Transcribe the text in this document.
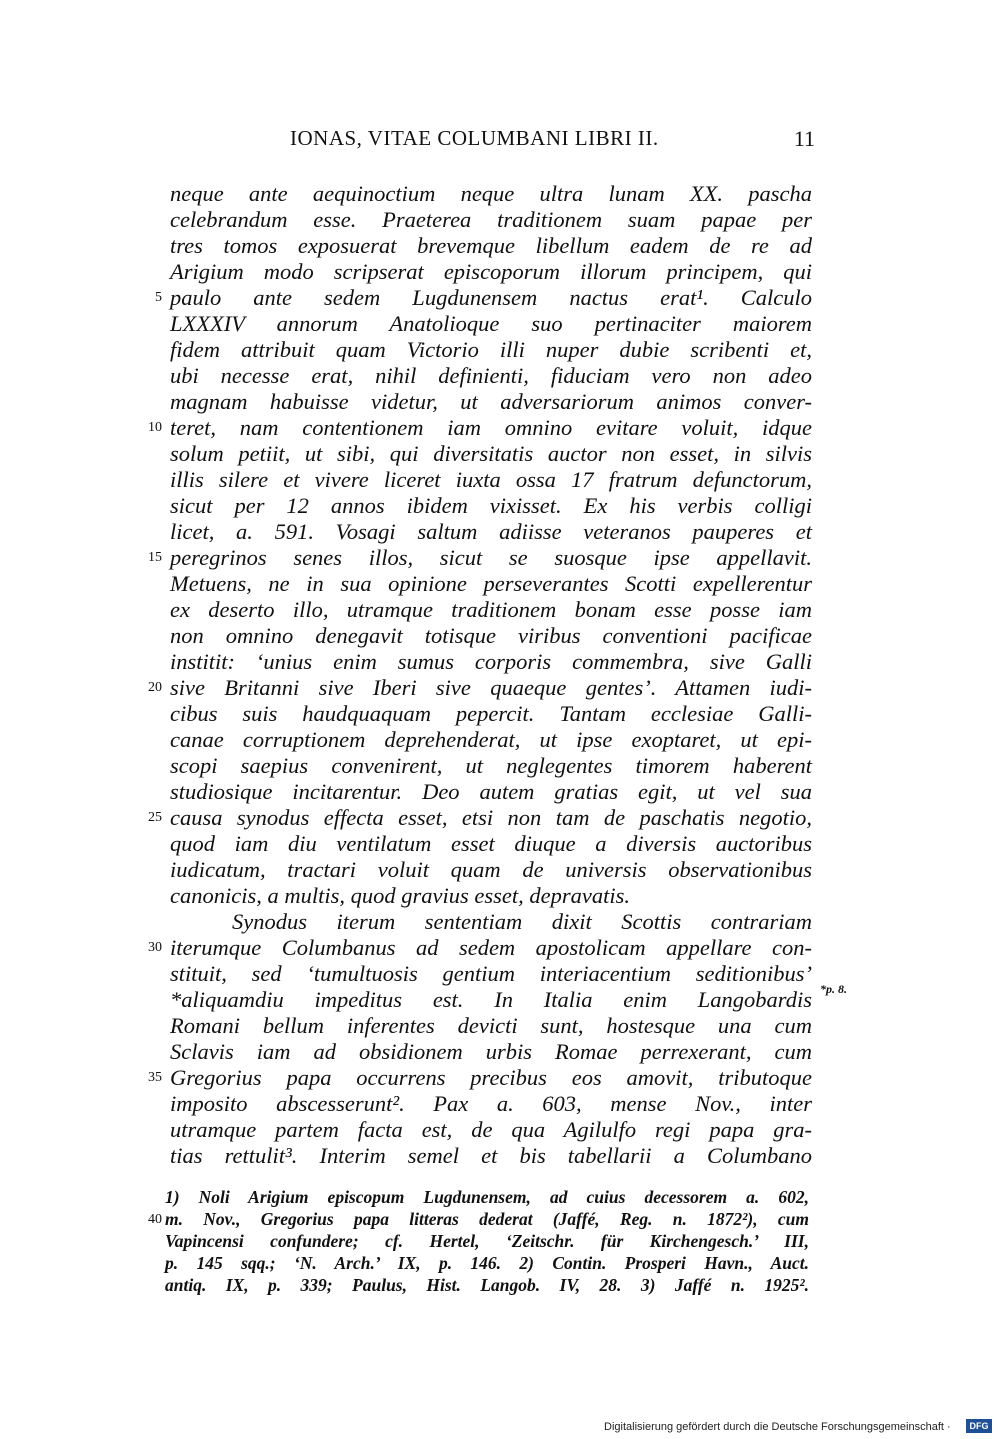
IONAS, VITAE COLUMBANI LIBRI II.	11
neque ante aequinoctium neque ultra lunam XX. pascha
celebrandum esse. Praeterea traditionem suam papae per
tres tomos exposuerat brevemque libellum eadem de re ad
Arigium modo scripserat episcoporum illorum principem, qui
paulo ante sedem Lugdunensem nactus erat¹. Calculo
LXXXIV annorum Anatolioque suo pertinaciter maiorem
fidem attribuit quam Victorio illi nuper dubie scribenti et,
ubi necesse erat, nihil definienti, fiduciam vero non adeo
magnam habuisse videtur, ut adversariorum animos conver-
teret, nam contentionem iam omnino evitare voluit, idque
solum petiit, ut sibi, qui diversitatis auctor non esset, in silvis
illis silere et vivere liceret iuxta ossa 17 fratrum defunctorum,
sicut per 12 annos ibidem vixisset. Ex his verbis colligi
licet, a. 591. Vosagi saltum adiisse veteranos pauperes et
peregrinos senes illos, sicut se suosque ipse appellavit.
Metuens, ne in sua opinione perseverantes Scotti expellerentur
ex deserto illo, utramque traditionem bonam esse posse iam
non omnino denegavit totisque viribus conventioni pacificae
institit: ‘unius enim sumus corporis commembra, sive Galli
sive Britanni sive Iberi sive quaeque gentes’. Attamen iudi-
cibus suis haudquaquam pepercit. Tantam ecclesiae Galli-
canae corruptionem deprehenderat, ut ipse exoptaret, ut epi-
scopi saepius convenirent, ut neglegentes timorem haberent
studiosique incitarentur. Deo autem gratias egit, ut vel sua
causa synodus effecta esset, etsi non tam de paschatis negotio,
quod iam diu ventilatum esset diuque a diversis auctoribus
iudicatum, tractari voluit quam de universis observationibus
canonicis, a multis, quod gravius esset, depravatis.
Synodus iterum sententiam dixit Scottis contrariam
iterumque Columbanus ad sedem apostolicam appellare con-
stituit, sed ‘tumultuosis gentium interiacentium seditionibus’
*aliquamdiu impeditus est. In Italia enim Langobardis
Romani bellum inferentes devicti sunt, hostesque una cum
Sclavis iam ad obsidionem urbis Romae perrexerant, cum
Gregorius papa occurrens precibus eos amovit, tributoque
imposito abscesserunt². Pax a. 603, mense Nov., inter
utramque partem facta est, de qua Agilulfo regi papa gra-
tias rettulit³. Interim semel et bis tabellarii a Columbano
5
10
15
20
25
30
35
*p. 8.
1) Noli Arigium episcopum Lugdunensem, ad cuius decessorem a. 602,
m. Nov., Gregorius papa litteras dederat (Jaffé, Reg. n. 1872²), cum
Vapincensi confundere; cf. Hertel, ‘Zeitschr. für Kirchengesch.’ III,
p. 145 sqq.; ‘N. Arch.’ IX, p. 146. 2) Contin. Prosperi Havn., Auct.
antiq. IX, p. 339; Paulus, Hist. Langob. IV, 28. 3) Jaffé n. 1925².
40
Digitalisierung gefördert durch die Deutsche Forschungsgemeinschaft ·	DFG
